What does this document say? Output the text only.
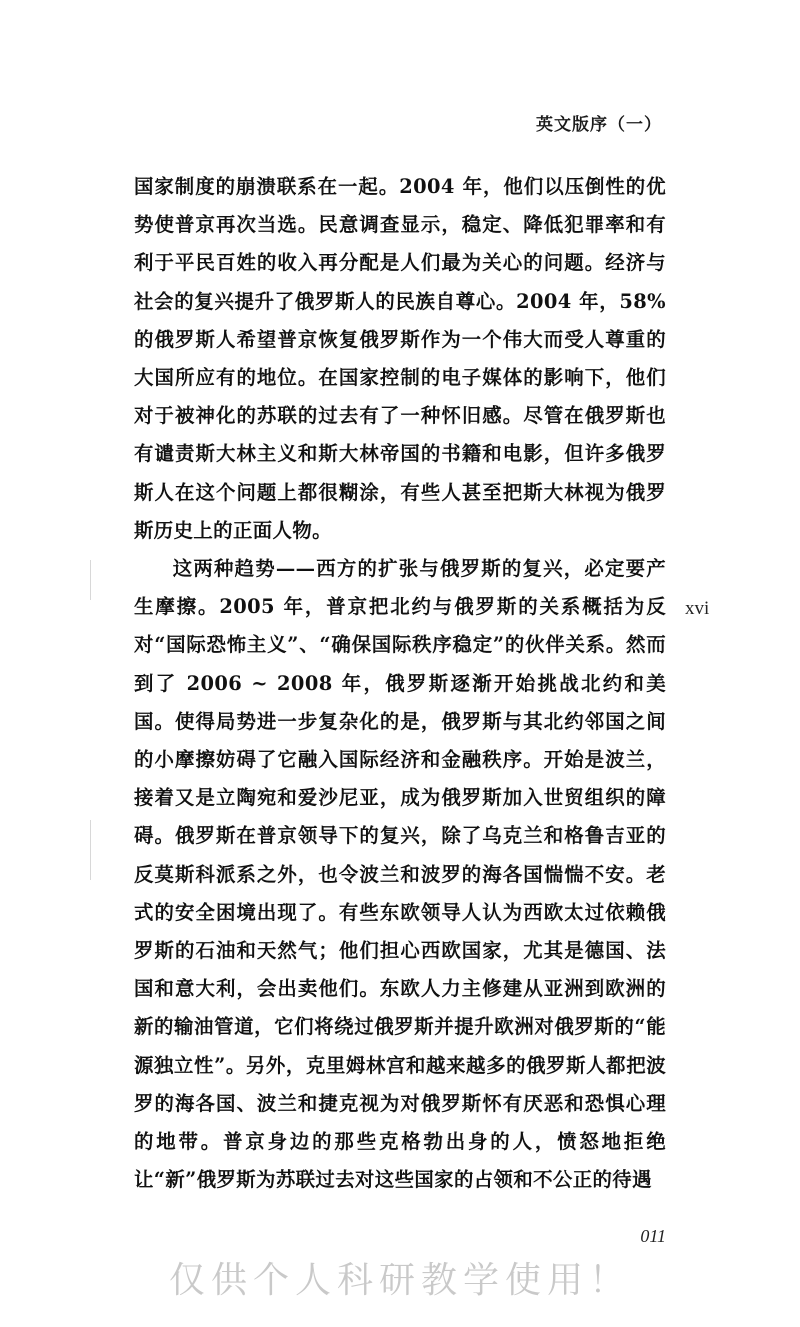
英文版序（一）

国家制度的崩溃联系在一起。2004 年，他们以压倒性的优势使普京再次当选。民意调查显示，稳定、降低犯罪率和有利于平民百姓的收入再分配是人们最为关心的问题。经济与社会的复兴提升了俄罗斯人的民族自尊心。2004 年，58% 的俄罗斯人希望普京恢复俄罗斯作为一个伟大而受人尊重的大国所应有的地位。在国家控制的电子媒体的影响下，他们对于被神化的苏联的过去有了一种怀旧感。尽管在俄罗斯也有谴责斯大林主义和斯大林帝国的书籍和电影，但许多俄罗斯人在这个问题上都很糊涂，有些人甚至把斯大林视为俄罗斯历史上的正面人物。

这两种趋势——西方的扩张与俄罗斯的复兴，必定要产生摩擦。2005 年，普京把北约与俄罗斯的关系概括为反对“国际恐怖主义”、“确保国际秩序稳定”的伙伴关系。然而到了 2006 ~ 2008 年，俄罗斯逐渐开始挑战北约和美国。使得局势进一步复杂化的是，俄罗斯与其北约邻国之间的小摩擦妨碍了它融入国际经济和金融秩序。开始是波兰，接着又是立陶宛和爱沙尼亚，成为俄罗斯加入世贸组织的障碍。俄罗斯在普京领导下的复兴，除了乌克兰和格鲁吉亚的反莫斯科派系之外，也令波兰和波罗的海各国惴惴不安。老式的安全困境出现了。有些东欧领导人认为西欧太过依赖俄罗斯的石油和天然气；他们担心西欧国家，尤其是德国、法国和意大利，会出卖他们。东欧人力主修建从亚洲到欧洲的新的输油管道，它们将绕过俄罗斯并提升欧洲对俄罗斯的“能源独立性”。另外，克里姆林宫和越来越多的俄罗斯人都把波罗的海各国、波兰和捷克视为对俄罗斯怀有厌恶和恐惧心理的地带。普京身边的那些克格勃出身的人，愤怒地拒绝让“新”俄罗斯为苏联过去对这些国家的占领和不公正的待遇

xvi
011
仅供个人科研教学使用！
